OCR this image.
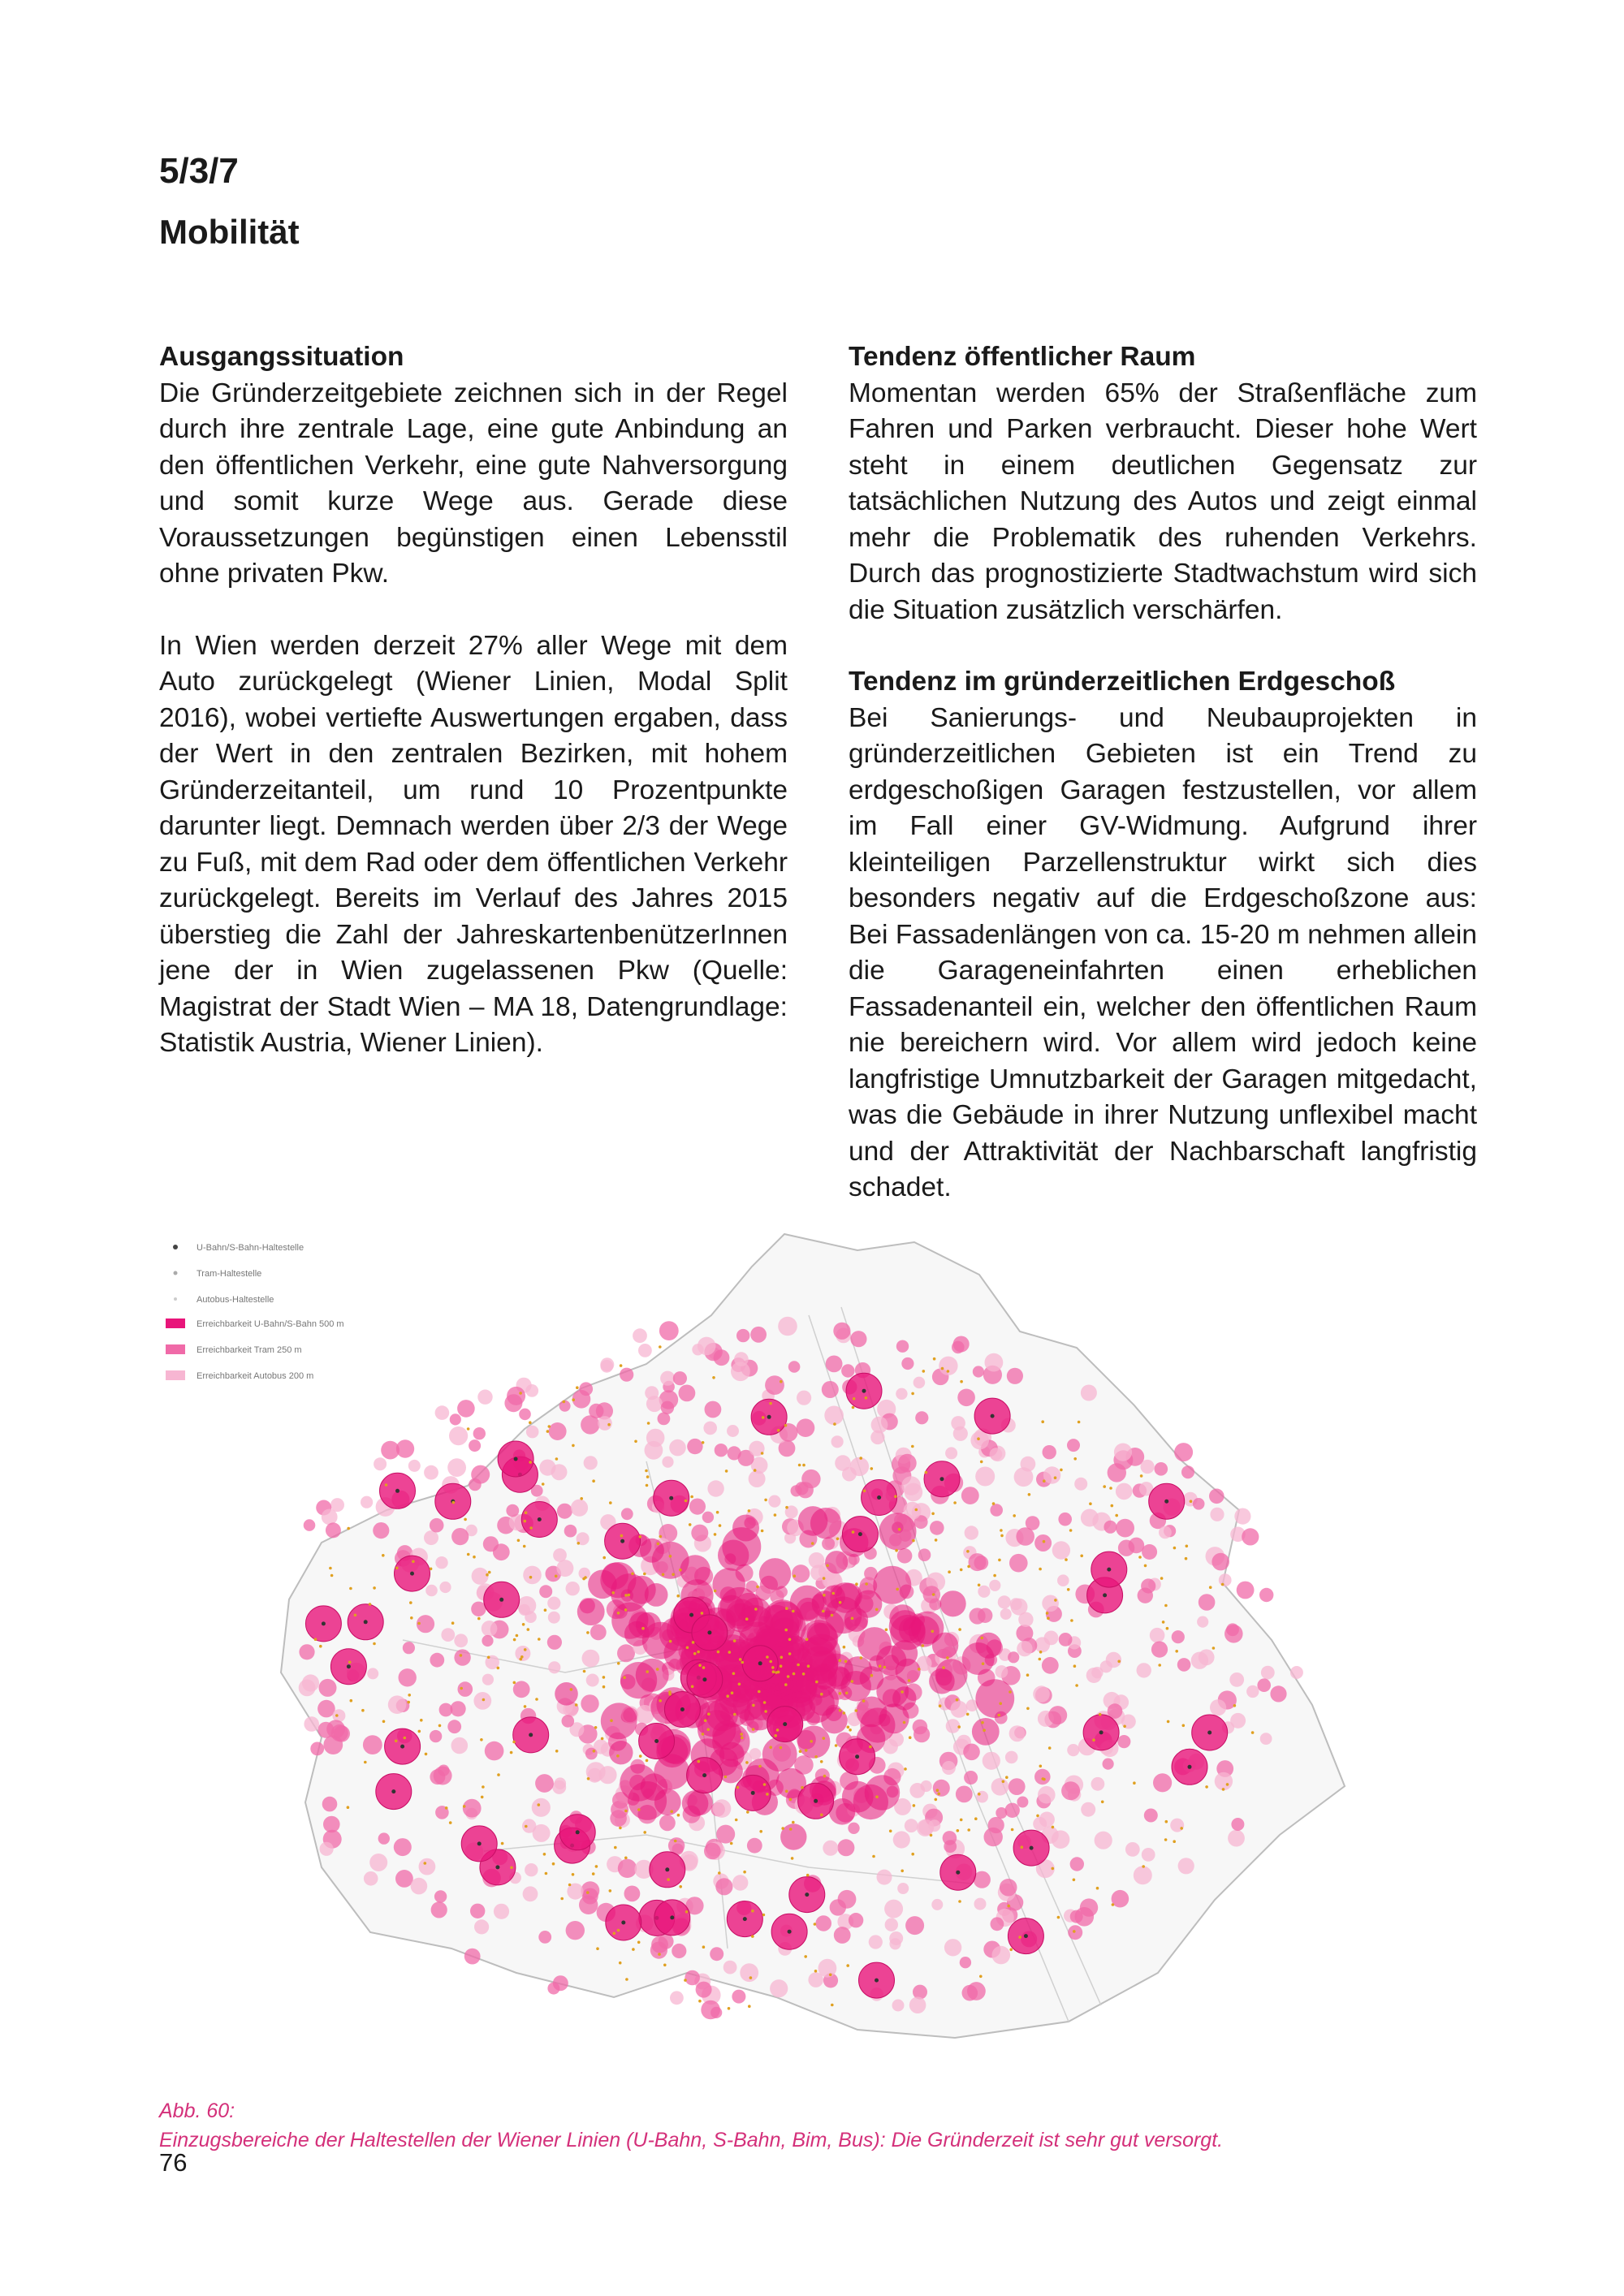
5/3/7
Mobilität
Ausgangssituation

Die Gründerzeitgebiete zeichnen sich in der Regel durch ihre zentrale Lage, eine gute Anbindung an den öffentlichen Verkehr, eine gute Nahversorgung und somit kurze Wege aus. Gerade diese Voraussetzungen begünstigen einen Lebensstil ohne privaten Pkw.

In Wien werden derzeit 27% aller Wege mit dem Auto zurückgelegt (Wiener Linien, Modal Split 2016), wobei vertiefte Auswertungen ergaben, dass der Wert in den zentralen Bezirken, mit hohem Gründerzeitanteil, um rund 10 Prozentpunkte darunter liegt. Demnach werden über 2/3 der Wege zu Fuß, mit dem Rad oder dem öffentlichen Verkehr zurückgelegt. Bereits im Verlauf des Jahres 2015 überstieg die Zahl der JahreskartenbenützerInnen jene der in Wien zugelassenen Pkw (Quelle: Magistrat der Stadt Wien – MA 18, Datengrundlage: Statistik Austria, Wiener Linien).

Tendenz öffentlicher Raum

Momentan werden 65% der Straßenfläche zum Fahren und Parken verbraucht. Dieser hohe Wert steht in einem deutlichen Gegensatz zur tatsächlichen Nutzung des Autos und zeigt einmal mehr die Problematik des ruhenden Verkehrs. Durch das prognostizierte Stadtwachstum wird sich die Situation zusätzlich verschärfen.

Tendenz im gründerzeitlichen Erdgeschoß

Bei Sanierungs- und Neubauprojekten in gründerzeitlichen Gebieten ist ein Trend zu erdgeschoßigen Garagen festzustellen, vor allem im Fall einer GV-Widmung. Aufgrund ihrer kleinteiligen Parzellenstruktur wirkt sich dies besonders negativ auf die Erdgeschoßzone aus: Bei Fassadenlängen von ca. 15-20 m nehmen allein die Garageneinfahrten einen erheblichen Fassadenanteil ein, welcher den öffentlichen Raum nie bereichern wird. Vor allem wird jedoch keine langfristige Umnutzbarkeit der Garagen mitgedacht, was die Gebäude in ihrer Nutzung unflexibel macht und der Attraktivität der Nachbarschaft langfristig schadet.

U-Bahn/S-Bahn-Haltestelle
Tram-Haltestelle
Autobus-Haltestelle
Erreichbarkeit U-Bahn/S-Bahn 500 m
Erreichbarkeit Tram 250 m
Erreichbarkeit Autobus 200 m
Abb. 60:
Einzugsbereiche der Haltestellen der Wiener Linien (U-Bahn, S-Bahn, Bim, Bus): Die Gründerzeit ist sehr gut versorgt.
76
